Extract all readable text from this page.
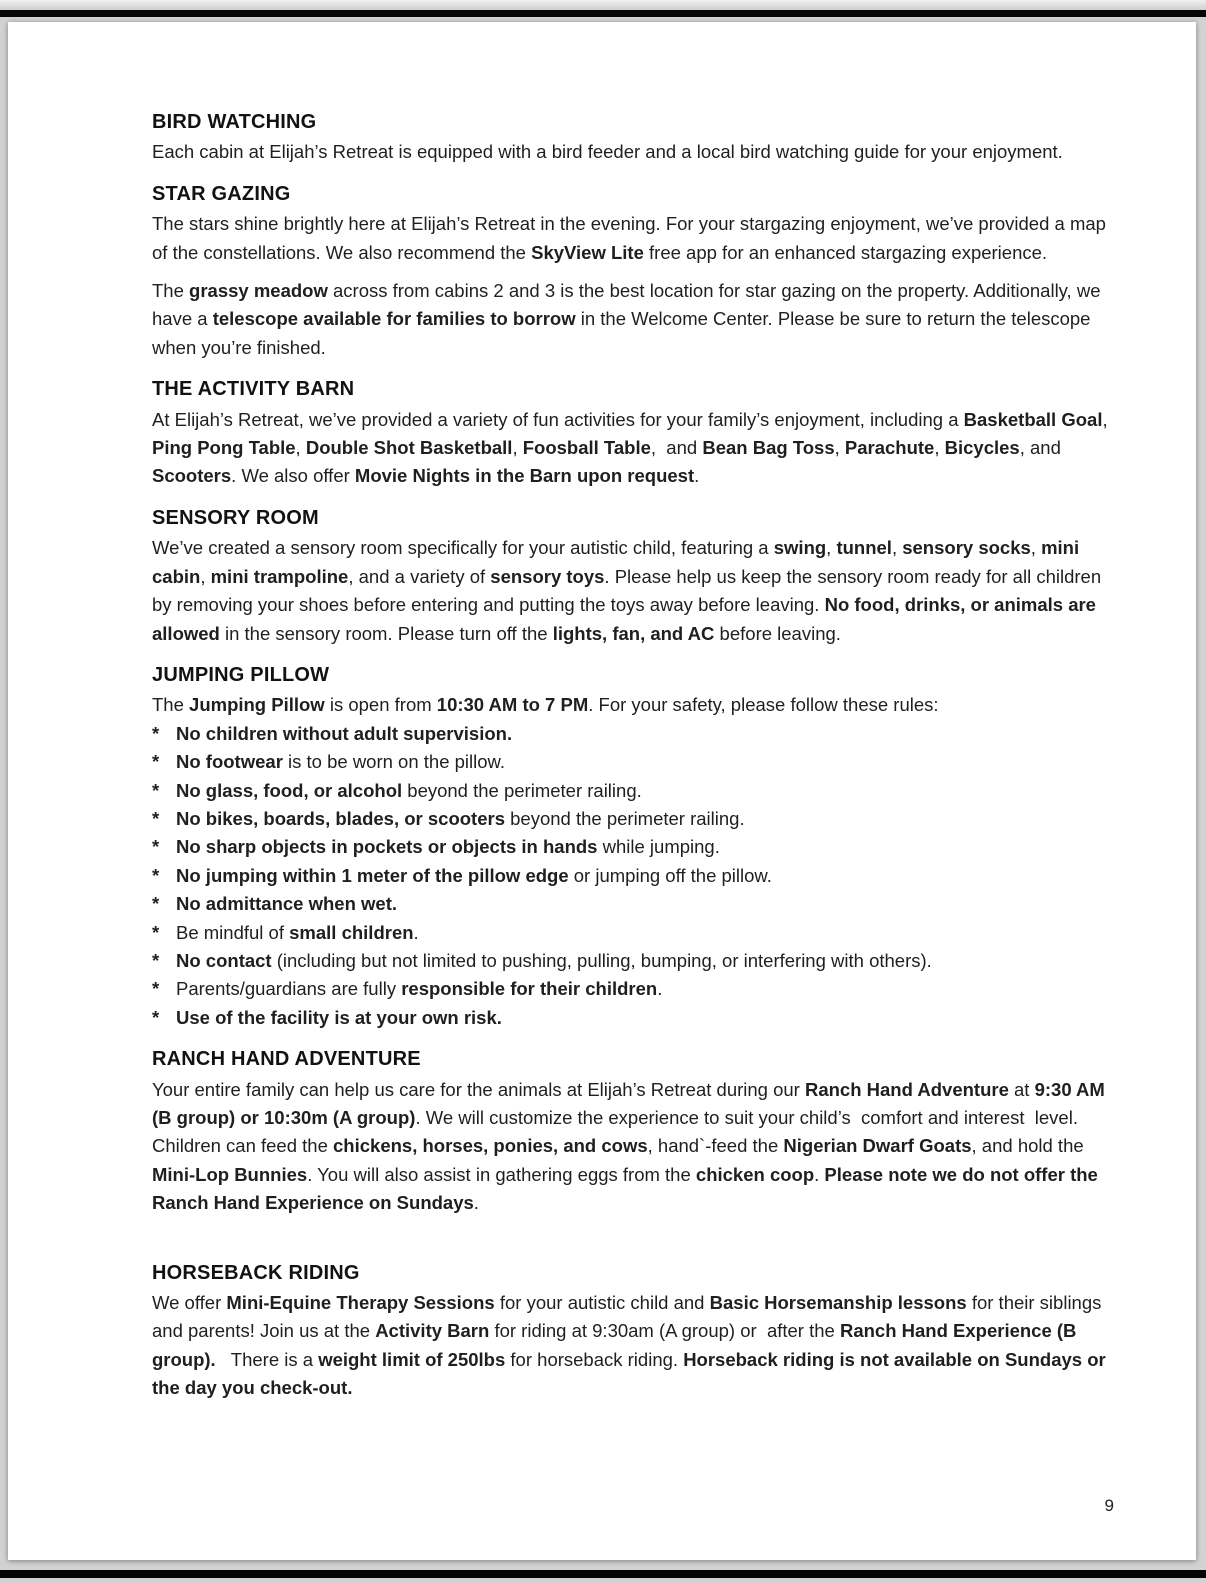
BIRD WATCHING

Each cabin at Elijah’s Retreat is equipped with a bird feeder and a local bird watching guide for your enjoyment.

STAR GAZING

The stars shine brightly here at Elijah’s Retreat in the evening. For your stargazing enjoyment, we’ve provided a map of the constellations. We also recommend the SkyView Lite free app for an enhanced stargazing experience.

The grassy meadow across from cabins 2 and 3 is the best location for star gazing on the property. Additionally, we have a telescope available for families to borrow in the Welcome Center. Please be sure to return the telescope when you’re finished.

THE ACTIVITY BARN

At Elijah’s Retreat, we’ve provided a variety of fun activities for your family’s enjoyment, including a Basketball Goal, Ping Pong Table, Double Shot Basketball, Foosball Table,  and Bean Bag Toss, Parachute, Bicycles, and Scooters. We also offer Movie Nights in the Barn upon request.

SENSORY ROOM

We’ve created a sensory room specifically for your autistic child, featuring a swing, tunnel, sensory socks, mini cabin, mini trampoline, and a variety of sensory toys. Please help us keep the sensory room ready for all children by removing your shoes before entering and putting the toys away before leaving. No food, drinks, or animals are allowed in the sensory room. Please turn off the lights, fan, and AC before leaving.

JUMPING PILLOW

The Jumping Pillow is open from 10:30 AM to 7 PM. For your safety, please follow these rules:

* No children without adult supervision.
* No footwear is to be worn on the pillow.
* No glass, food, or alcohol beyond the perimeter railing.
* No bikes, boards, blades, or scooters beyond the perimeter railing.
* No sharp objects in pockets or objects in hands while jumping.
* No jumping within 1 meter of the pillow edge or jumping off the pillow.
* No admittance when wet.
* Be mindful of small children.
* No contact (including but not limited to pushing, pulling, bumping, or interfering with others).
* Parents/guardians are fully responsible for their children.
* Use of the facility is at your own risk.
RANCH HAND ADVENTURE

Your entire family can help us care for the animals at Elijah’s Retreat during our Ranch Hand Adventure at 9:30 AM (B group) or 10:30m (A group). We will customize the experience to suit your child’s  comfort and interest  level. Children can feed the chickens, horses, ponies, and cows, hand`-feed the Nigerian Dwarf Goats, and hold the Mini-Lop Bunnies. You will also assist in gathering eggs from the chicken coop. Please note we do not offer the Ranch Hand Experience on Sundays.

HORSEBACK RIDING

We offer Mini-Equine Therapy Sessions for your autistic child and Basic Horsemanship lessons for their siblings and parents! Join us at the Activity Barn for riding at 9:30am (A group) or  after the Ranch Hand Experience (B group).   There is a weight limit of 250lbs for horseback riding. Horseback riding is not available on Sundays or the day you check-out.

9
